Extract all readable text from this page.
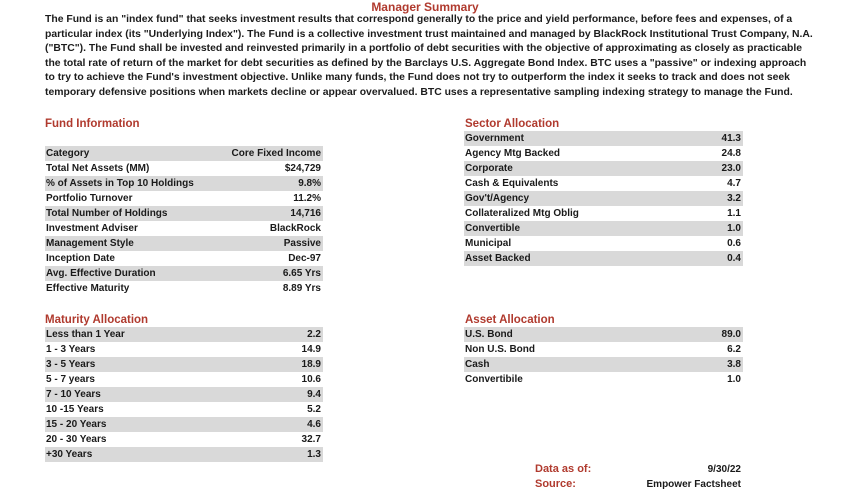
Manager Summary

The Fund is an "index fund" that seeks investment results that correspond generally to the price and yield performance, before fees and expenses, of a particular index (its "Underlying Index"). The Fund is a collective investment trust maintained and managed by BlackRock Institutional Trust Company, N.A. ("BTC"). The Fund shall be invested and reinvested primarily in a portfolio of debt securities with the objective of approximating as closely as practicable the total rate of return of the market for debt securities as defined by the Barclays U.S. Aggregate Bond Index. BTC uses a "passive" or indexing approach to try to achieve the Fund's investment objective. Unlike many funds, the Fund does not try to outperform the index it seeks to track and does not seek temporary defensive positions when markets decline or appear overvalued. BTC uses a representative sampling indexing strategy to manage the Fund.

Fund Information
Category	Core Fixed Income
Total Net Assets (MM)	$24,729
% of Assets in Top 10 Holdings	9.8%
Portfolio Turnover	11.2%
Total Number of Holdings	14,716
Investment Adviser	BlackRock
Management Style	Passive
Inception Date	Dec-97
Avg. Effective Duration	6.65 Yrs
Effective Maturity	8.89 Yrs
Sector Allocation
Government	41.3
Agency Mtg Backed	24.8
Corporate	23.0
Cash & Equivalents	4.7
Gov't/Agency	3.2
Collateralized Mtg Oblig	1.1
Convertible	1.0
Municipal	0.6
Asset Backed	0.4
Maturity Allocation
Less than 1 Year	2.2
1 - 3 Years	14.9
3 - 5 Years	18.9
5 - 7 years	10.6
7 - 10 Years	9.4
10 -15 Years	5.2
15 - 20 Years	4.6
20 - 30 Years	32.7
+30 Years	1.3
Asset Allocation
U.S. Bond	89.0
Non U.S. Bond	6.2
Cash	3.8
Convertibile	1.0
Data as of:	9/30/22
Source:	Empower Factsheet
